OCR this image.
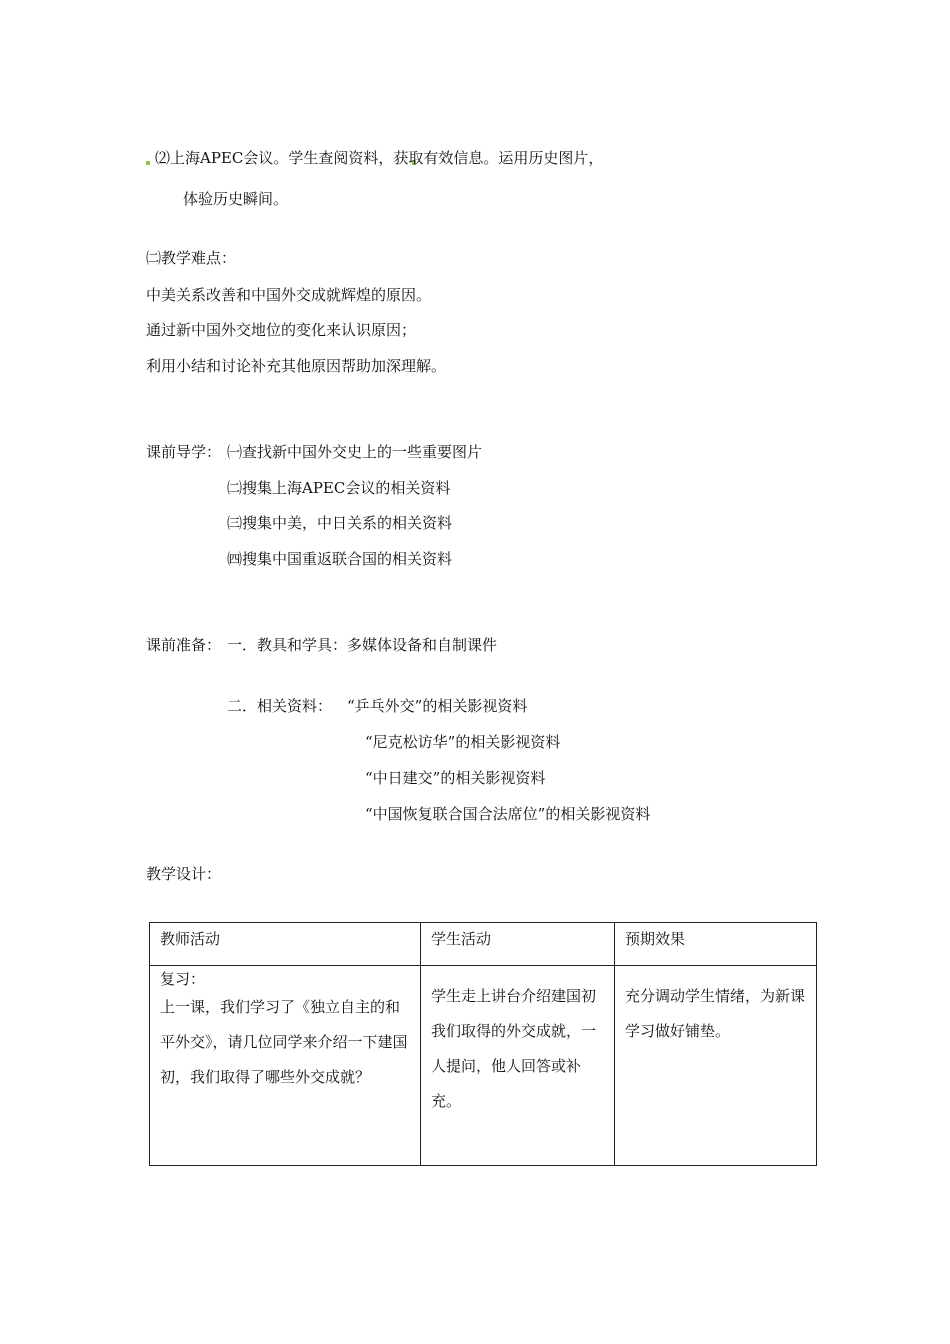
⑵上海APEC会议。学生查阅资料，获取有效信息。运用历史图片，
体验历史瞬间。
㈡教学难点：
中美关系改善和中国外交成就辉煌的原因。
通过新中国外交地位的变化来认识原因；
利用小结和讨论补充其他原因帮助加深理解。
课前导学： ㈠查找新中国外交史上的一些重要图片
㈡搜集上海APEC会议的相关资料
㈢搜集中美，中日关系的相关资料
㈣搜集中国重返联合国的相关资料
课前准备： 一．教具和学具：多媒体设备和自制课件
二．相关资料： “乒乓外交”的相关影视资料
“尼克松访华”的相关影视资料
“中日建交”的相关影视资料
“中国恢复联合国合法席位”的相关影视资料
教学设计：
教师活动	学生活动	预期效果

复习：
上一课，我们学习了《独立自主的和平外交》，请几位同学来介绍一下建国初，我们取得了哪些外交成就？	学生走上讲台介绍建国初我们取得的外交成就，一人提问，他人回答或补充。	充分调动学生情绪，为新课学习做好铺垫。
